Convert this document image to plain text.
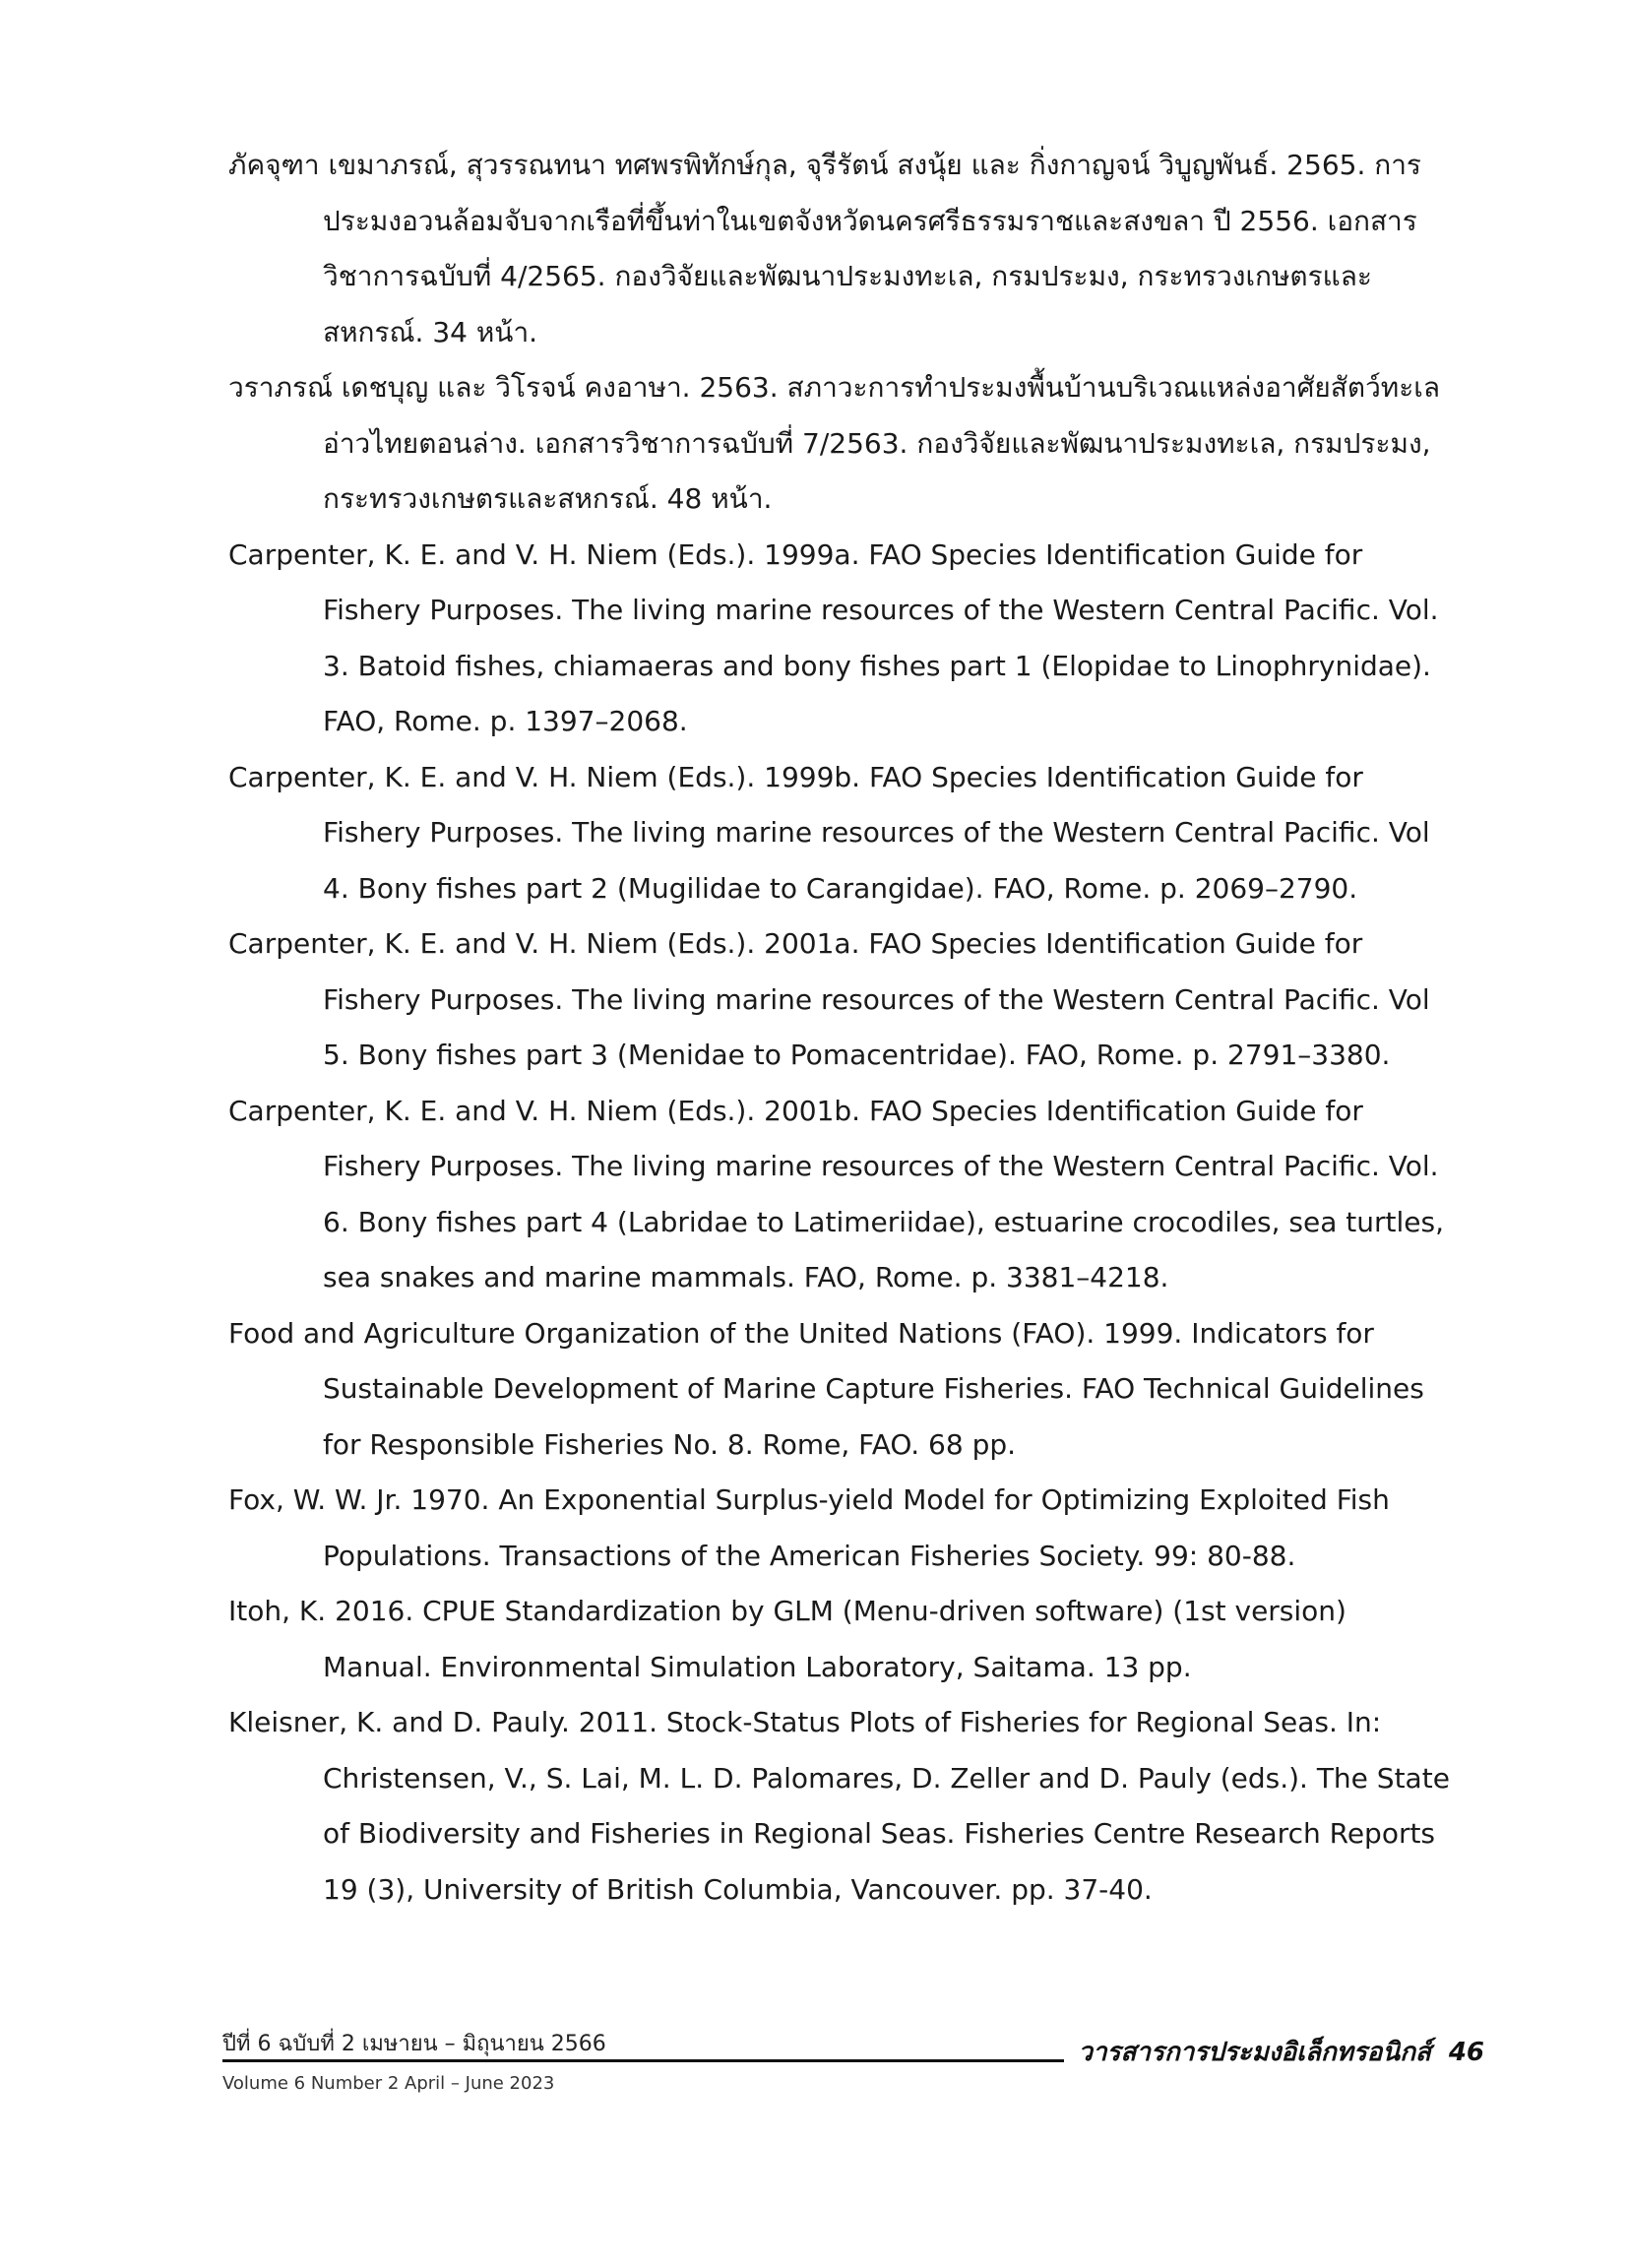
ภัคจุฑา เขมาภรณ์, สุวรรณทนา ทศพรพิทักษ์กุล, จุรีรัตน์ สงนุ้ย และ กิ่งกาญจน์ วิบูญพันธ์. 2565. การประมงอวนล้อมจับจากเรือที่ขึ้นท่าในเขตจังหวัดนครศรีธรรมราชและสงขลา ปี 2556. เอกสารวิชาการฉบับที่ 4/2565. กองวิจัยและพัฒนาประมงทะเล, กรมประมง, กระทรวงเกษตรและสหกรณ์. 34 หน้า.

วราภรณ์ เดชบุญ และ วิโรจน์ คงอาษา. 2563. สภาวะการทำประมงพื้นบ้านบริเวณแหล่งอาศัยสัตว์ทะเลอ่าวไทยตอนล่าง. เอกสารวิชาการฉบับที่ 7/2563. กองวิจัยและพัฒนาประมงทะเล, กรมประมง, กระทรวงเกษตรและสหกรณ์. 48 หน้า.

Carpenter, K. E. and V. H. Niem (Eds.). 1999a. FAO Species Identification Guide for Fishery Purposes. The living marine resources of the Western Central Pacific. Vol. 3. Batoid fishes, chiamaeras and bony fishes part 1 (Elopidae to Linophrynidae). FAO, Rome. p. 1397–2068.

Carpenter, K. E. and V. H. Niem (Eds.). 1999b. FAO Species Identification Guide for Fishery Purposes. The living marine resources of the Western Central Pacific. Vol 4. Bony fishes part 2 (Mugilidae to Carangidae). FAO, Rome. p. 2069–2790.

Carpenter, K. E. and V. H. Niem (Eds.). 2001a. FAO Species Identification Guide for Fishery Purposes. The living marine resources of the Western Central Pacific. Vol 5. Bony fishes part 3 (Menidae to Pomacentridae). FAO, Rome. p. 2791–3380.

Carpenter, K. E. and V. H. Niem (Eds.). 2001b. FAO Species Identification Guide for Fishery Purposes. The living marine resources of the Western Central Pacific. Vol. 6. Bony fishes part 4 (Labridae to Latimeriidae), estuarine crocodiles, sea turtles, sea snakes and marine mammals. FAO, Rome. p. 3381–4218.

Food and Agriculture Organization of the United Nations (FAO). 1999. Indicators for Sustainable Development of Marine Capture Fisheries. FAO Technical Guidelines for Responsible Fisheries No. 8. Rome, FAO. 68 pp.

Fox, W. W. Jr. 1970. An Exponential Surplus-yield Model for Optimizing Exploited Fish Populations. Transactions of the American Fisheries Society. 99: 80-88.

Itoh, K. 2016. CPUE Standardization by GLM (Menu-driven software) (1st version) Manual. Environmental Simulation Laboratory, Saitama. 13 pp.

Kleisner, K. and D. Pauly. 2011. Stock-Status Plots of Fisheries for Regional Seas. In: Christensen, V., S. Lai, M. L. D. Palomares, D. Zeller and D. Pauly (eds.). The State of Biodiversity and Fisheries in Regional Seas. Fisheries Centre Research Reports 19 (3), University of British Columbia, Vancouver. pp. 37-40.

ปีที่ 6 ฉบับที่ 2 เมษายน – มิถุนายน 2566
Volume 6 Number 2 April – June 2023
วารสารการประมงอิเล็กทรอนิกส์ 46
